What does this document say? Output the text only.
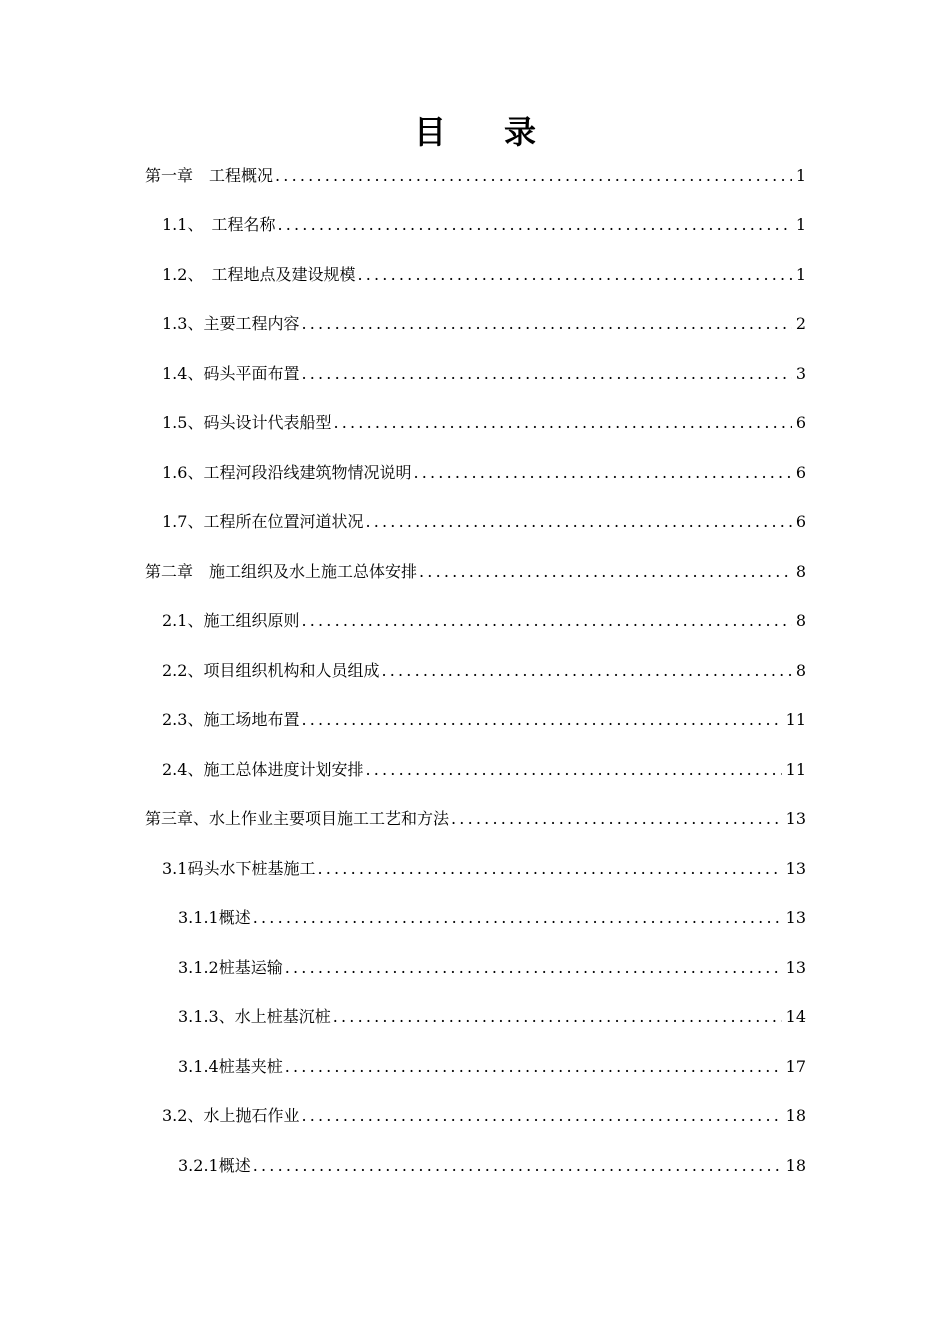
目 录
第一章　工程概况 .....	1
1.1、　工程名称 .....	1
1.2、　工程地点及建设规模 .....	1
1.3、主要工程内容 .....	2
1.4、码头平面布置 .....	3
1.5、码头设计代表船型 .....	6
1.6、工程河段沿线建筑物情况说明 .....	6
1.7、工程所在位置河道状况 .....	6
第二章　施工组织及水上施工总体安排 .....	8
2.1、施工组织原则 .....	8
2.2、项目组织机构和人员组成 .....	8
2.3、施工场地布置 .....	11
2.4、施工总体进度计划安排 .....	11
第三章、水上作业主要项目施工工艺和方法 .....	13
3.1码头水下桩基施工 .....	13
3.1.1概述 .....	13
3.1.2桩基运输 .....	13
3.1.3、水上桩基沉桩 .....	14
3.1.4桩基夹桩 .....	17
3.2、水上抛石作业 .....	18
3.2.1概述 .....	18
